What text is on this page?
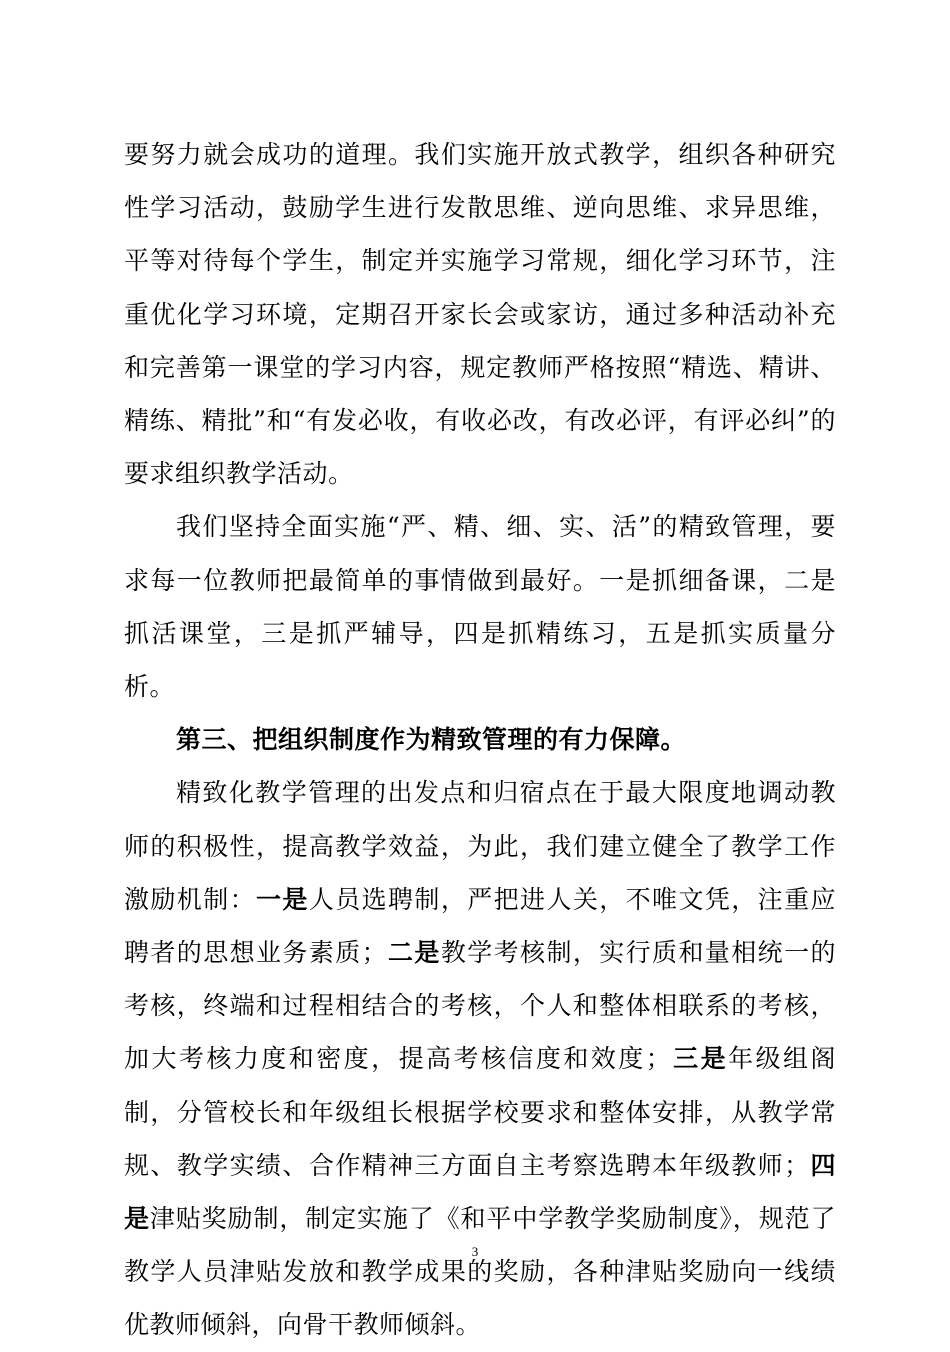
要努力就会成功的道理。我们实施开放式教学，组织各种研究性学习活动，鼓励学生进行发散思维、逆向思维、求异思维，平等对待每个学生，制定并实施学习常规，细化学习环节，注重优化学习环境，定期召开家长会或家访，通过多种活动补充和完善第一课堂的学习内容，规定教师严格按照“精选、精讲、精练、精批”和“有发必收，有收必改，有改必评，有评必纠”的要求组织教学活动。

我们坚持全面实施“严、精、细、实、活”的精致管理，要求每一位教师把最简单的事情做到最好。一是抓细备课，二是抓活课堂，三是抓严辅导，四是抓精练习，五是抓实质量分析。

第三、把组织制度作为精致管理的有力保障。

精致化教学管理的出发点和归宿点在于最大限度地调动教师的积极性，提高教学效益，为此，我们建立健全了教学工作激励机制：一是人员选聘制，严把进人关，不唯文凭，注重应聘者的思想业务素质；二是教学考核制，实行质和量相统一的考核，终端和过程相结合的考核，个人和整体相联系的考核，加大考核力度和密度，提高考核信度和效度；三是年级组阁制，分管校长和年级组长根据学校要求和整体安排，从教学常规、教学实绩、合作精神三方面自主考察选聘本年级教师；四是津贴奖励制，制定实施了《和平中学教学奖励制度》，规范了教学人员津贴发放和教学成果的奖励，各种津贴奖励向一线绩优教师倾斜，向骨干教师倾斜。

3
